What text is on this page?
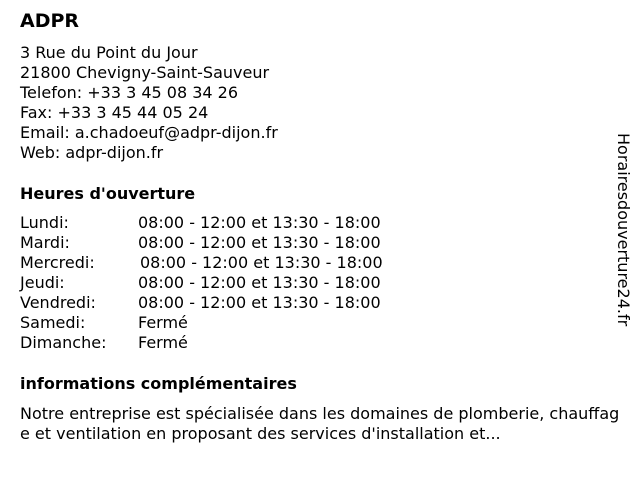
ADPR
3 Rue du Point du Jour
21800 Chevigny-Saint-Sauveur
Telefon: +33 3 45 08 34 26
Fax: +33 3 45 44 05 24
Email: a.chadoeuf@adpr-dijon.fr
Web: adpr-dijon.fr
Heures d'ouverture
Lundi:	08:00 - 12:00 et 13:30 - 18:00
Mardi:	08:00 - 12:00 et 13:30 - 18:00
Mercredi:	08:00 - 12:00 et 13:30 - 18:00
Jeudi:	08:00 - 12:00 et 13:30 - 18:00
Vendredi:	08:00 - 12:00 et 13:30 - 18:00
Samedi:	Fermé
Dimanche: Fermé
informations complémentaires

Notre entreprise est spécialisée dans les domaines de plomberie, chauffage et ventilation en proposant des services d'installation et...

Horairesdouverture24.fr
